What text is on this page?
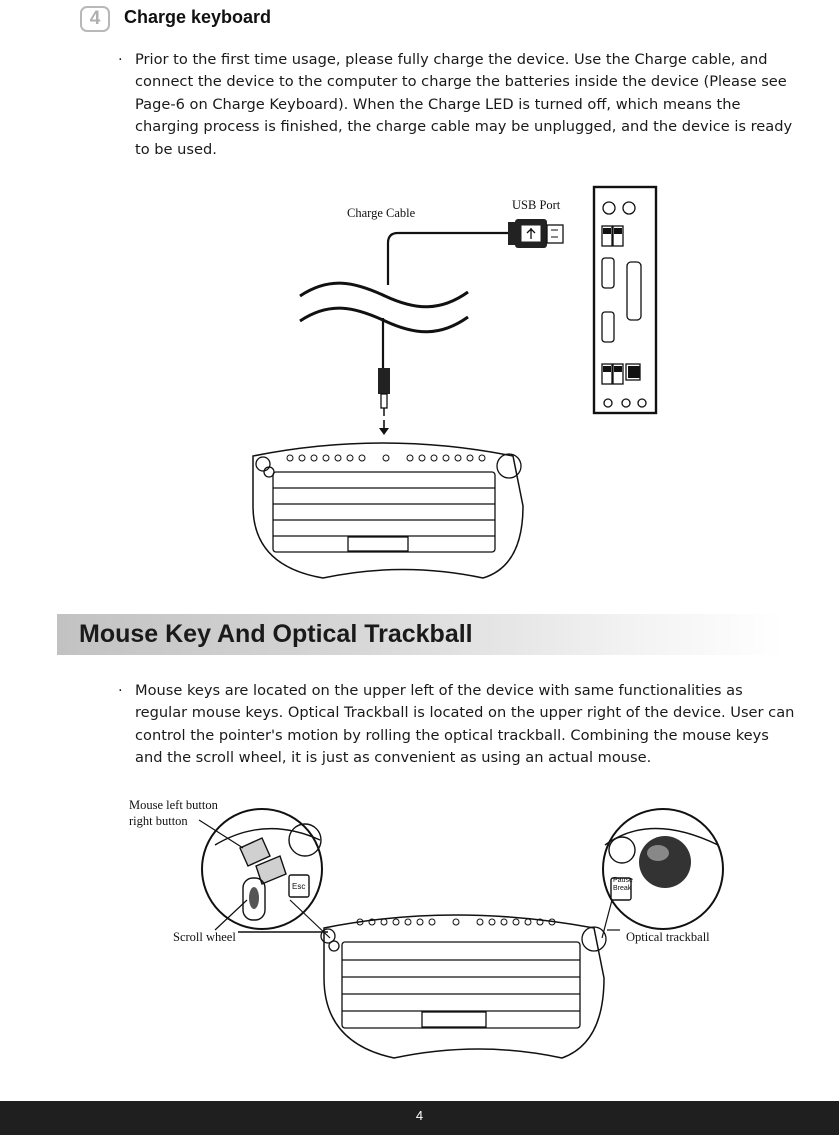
4	Charge keyboard
· Prior to the first time usage, please fully charge the device. Use the Charge cable, and connect the device to the computer to charge the batteries inside the device (Please see Page-6 on Charge Keyboard). When the Charge LED is turned off, which means the charging process is finished, the charge cable may be unplugged, and the device is ready to be used.
Charge Cable
USB Port
Mouse Key And Optical Trackball
· Mouse keys are located on the upper left of the device with same functionalities as regular mouse keys. Optical Trackball is located on the upper right of the device. User can control the pointer's motion by rolling the optical trackball. Combining the mouse keys and the scroll wheel, it is just as convenient as using an actual mouse.
Mouse left button
right button
Scroll wheel	Optical trackball
Esc
Pause
Break
4
